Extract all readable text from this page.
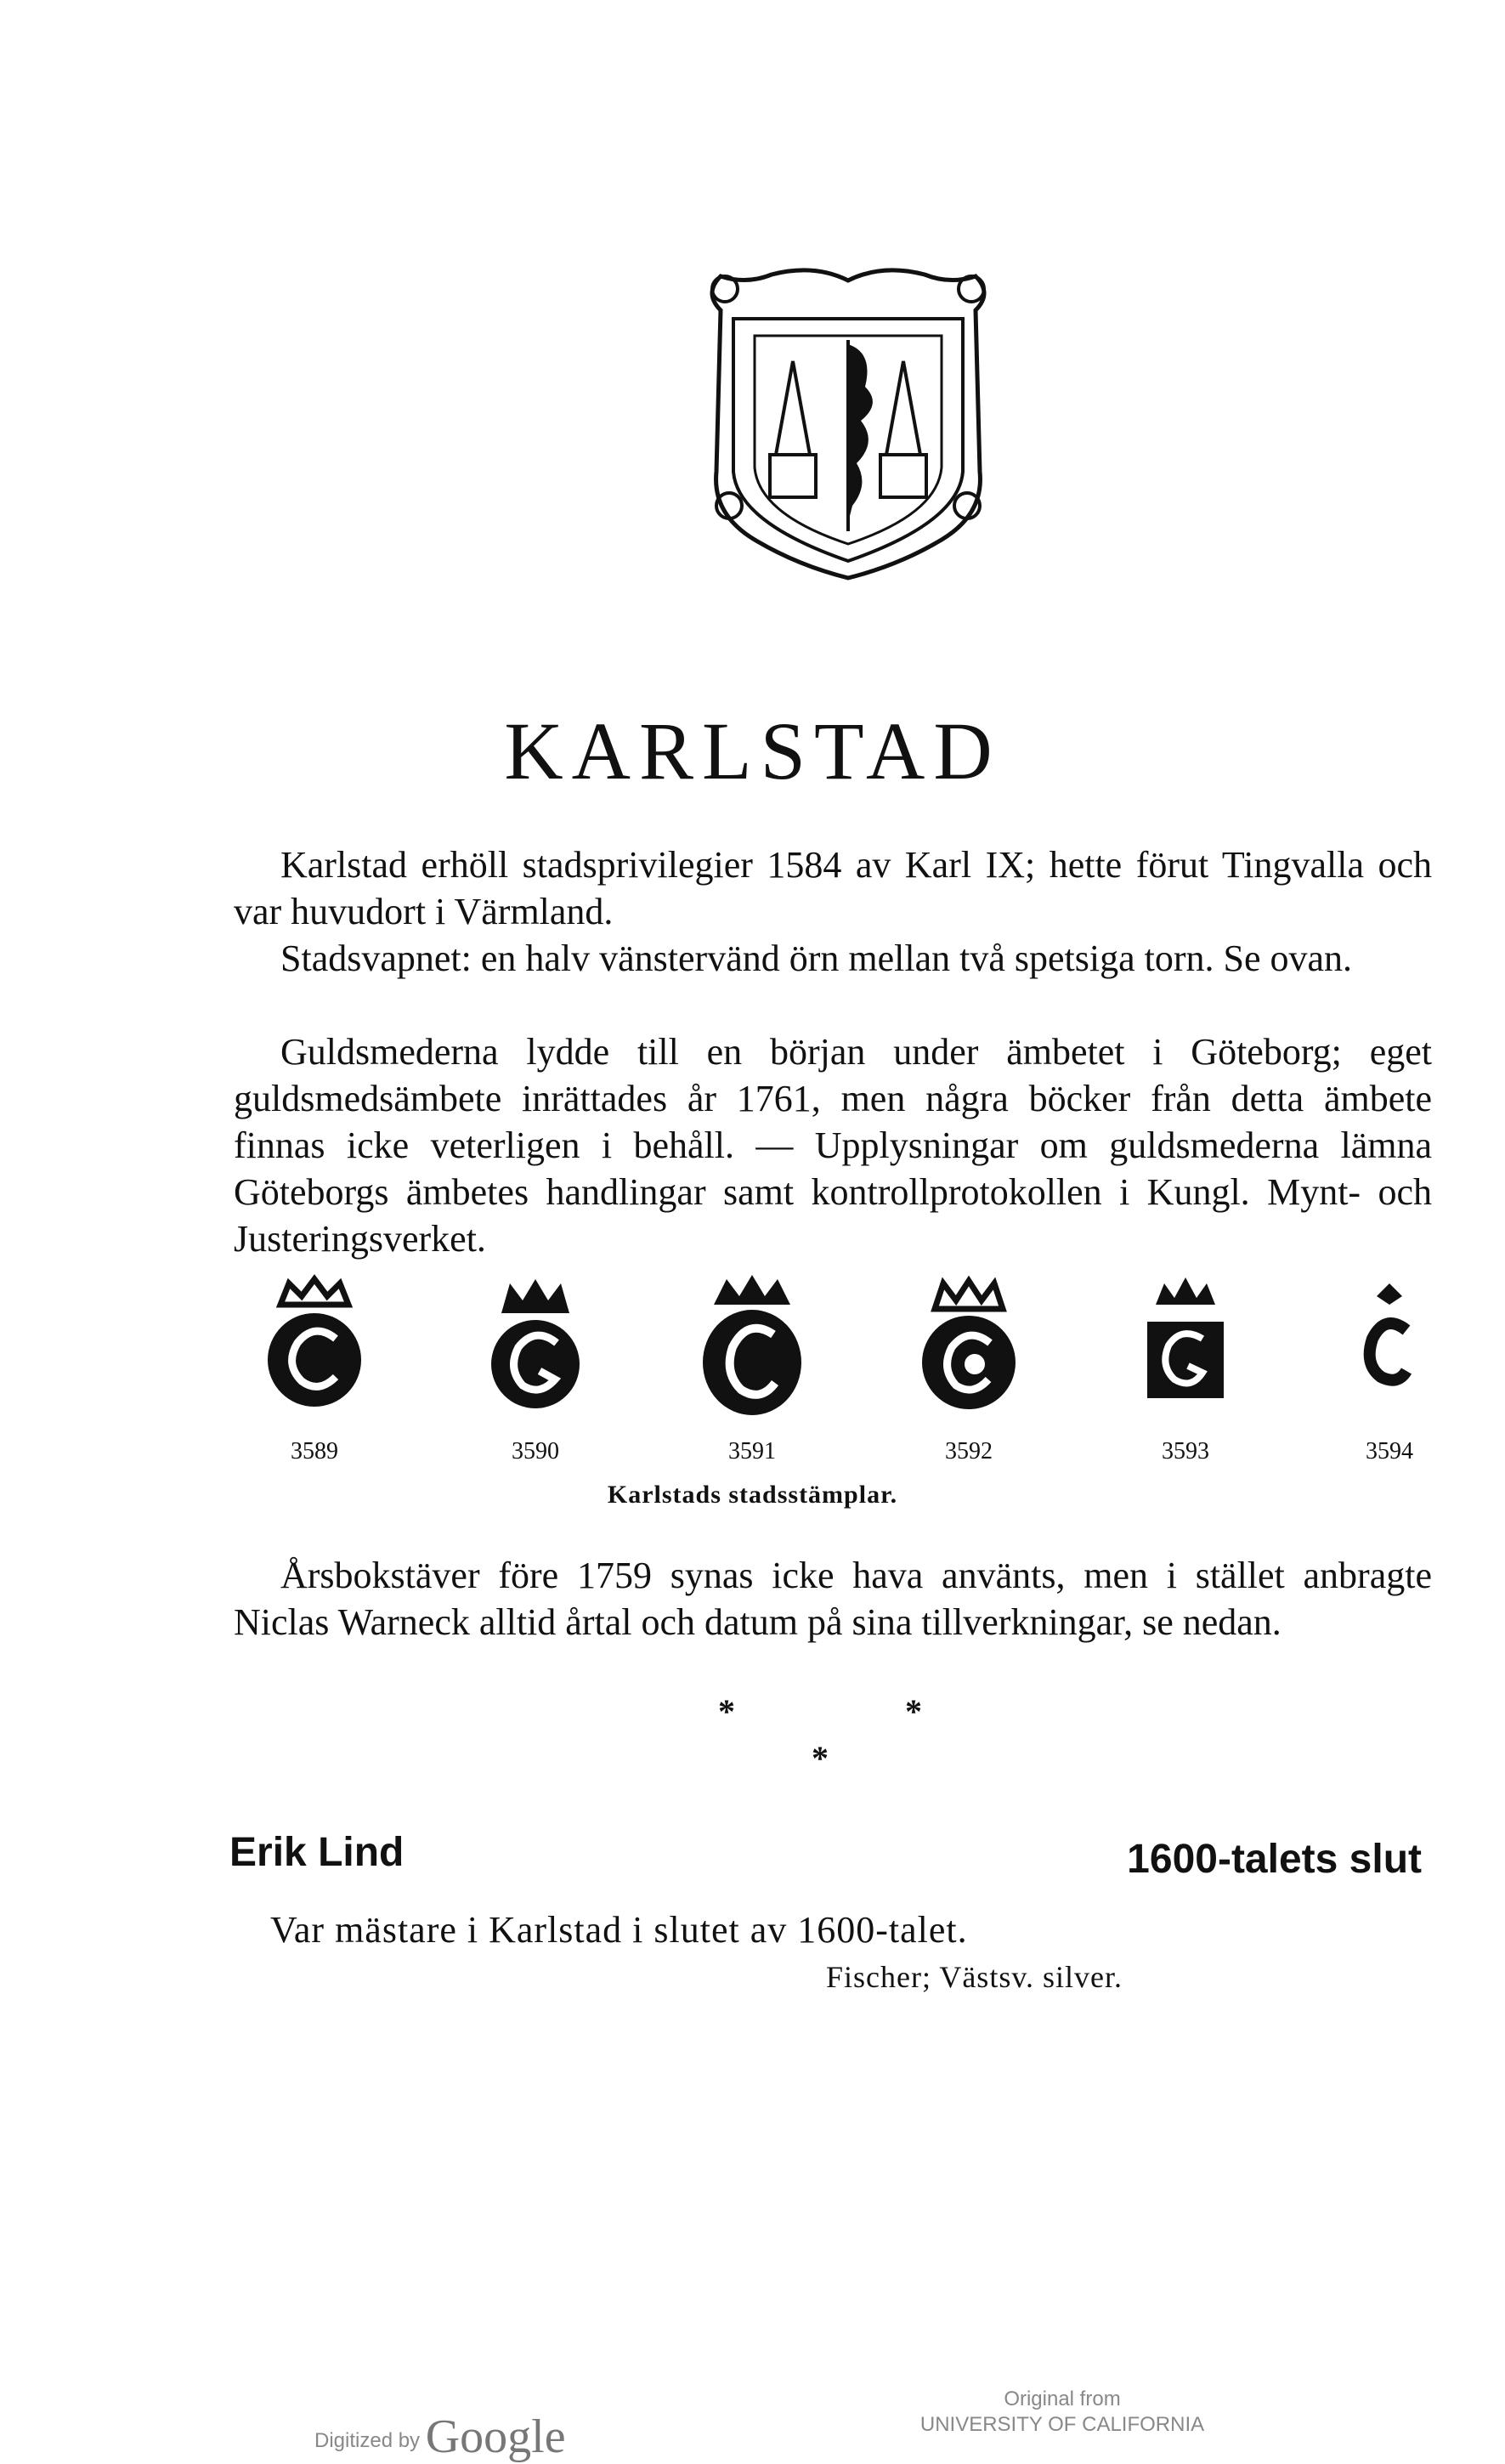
KARLSTAD
Karlstad erhöll stadsprivilegier 1584 av Karl IX; hette förut Tingvalla och var huvudort i Värmland.
Stadsvapnet: en halv vänstervänd örn mellan två spetsiga torn. Se ovan.
Guldsmederna lydde till en början under ämbetet i Göteborg; eget guldsmedsämbete inrättades år 1761, men några böcker från detta ämbete finnas icke veterligen i behåll. — Upplysningar om guldsmederna lämna Göteborgs ämbetes handlingar samt kontrollprotokollen i Kungl. Mynt- och Justeringsverket.
3589	3590	3591	3592	3593	3594
Karlstads stadsstämplar.
Årsbokstäver före 1759 synas icke hava använts, men i stället anbragte Niclas Warneck alltid årtal och datum på sina tillverkningar, se nedan.
*	*
*
Erik Lind	1600-talets slut
Var mästare i Karlstad i slutet av 1600-talet.
Fischer; Västsv. silver.
Digitized by Google
Original from
UNIVERSITY OF CALIFORNIA
